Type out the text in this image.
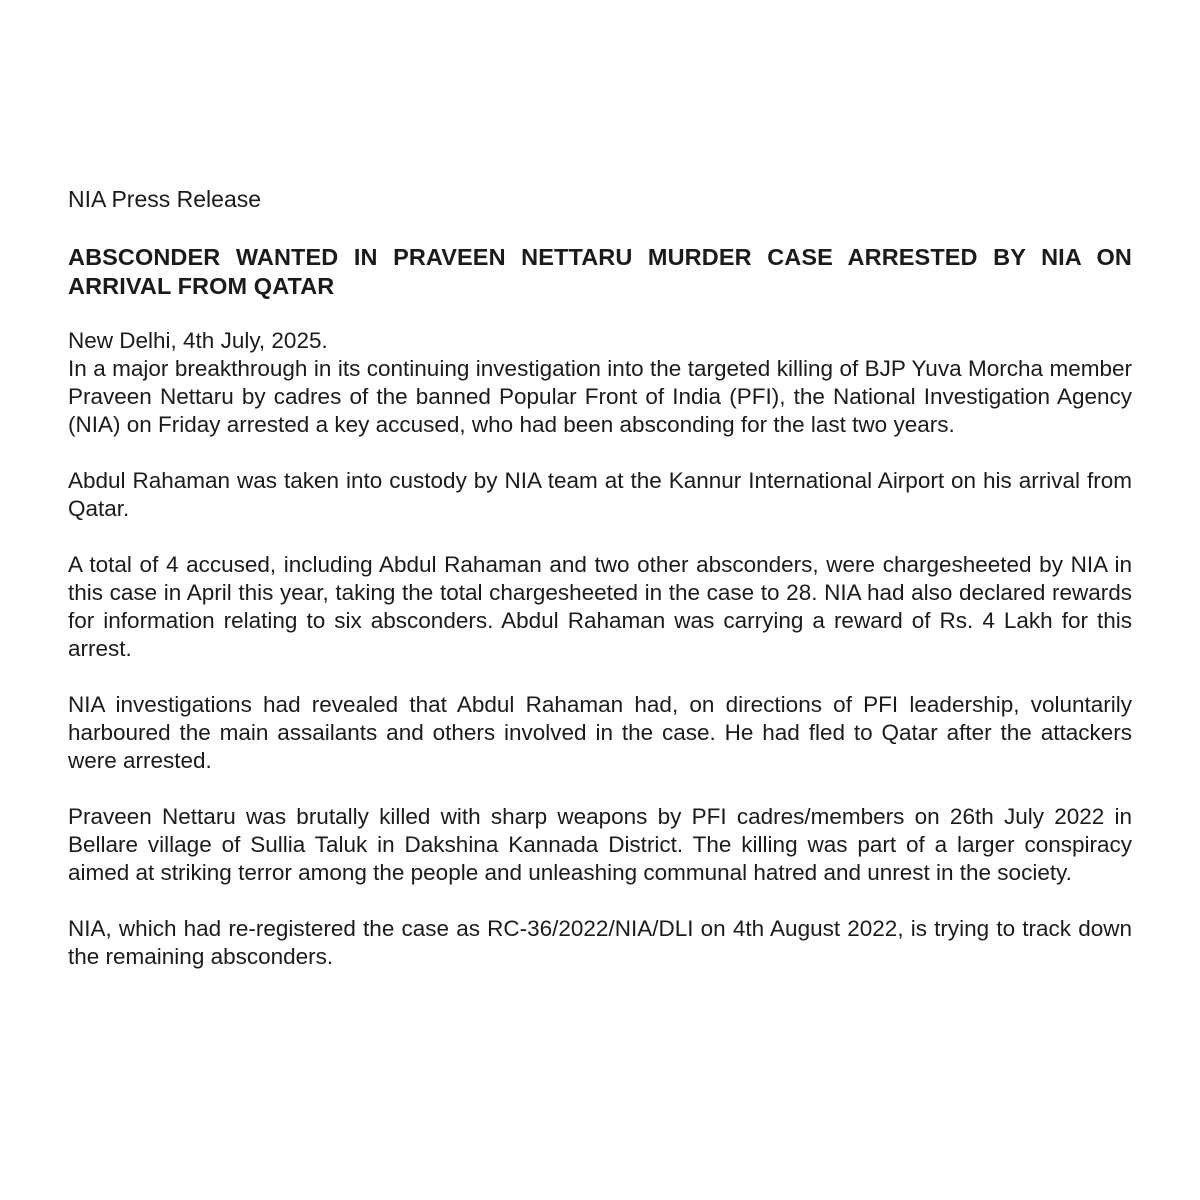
NIA Press Release

ABSCONDER WANTED IN PRAVEEN NETTARU MURDER CASE ARRESTED BY NIA ON ARRIVAL FROM QATAR

New Delhi, 4th July, 2025.

In a major breakthrough in its continuing investigation into the targeted killing of BJP Yuva Morcha member Praveen Nettaru by cadres of the banned Popular Front of India (PFI), the National Investigation Agency (NIA) on Friday arrested a key accused, who had been absconding for the last two years.

Abdul Rahaman was taken into custody by NIA team at the Kannur International Airport on his arrival from Qatar.

A total of 4 accused, including Abdul Rahaman and two other absconders, were chargesheeted by NIA in this case in April this year, taking the total chargesheeted in the case to 28. NIA had also declared rewards for information relating to six absconders. Abdul Rahaman was carrying a reward of Rs. 4 Lakh for this arrest.

NIA investigations had revealed that Abdul Rahaman had, on directions of PFI leadership, voluntarily harboured the main assailants and others involved in the case. He had fled to Qatar after the attackers were arrested.

Praveen Nettaru was brutally killed with sharp weapons by PFI cadres/members on 26th July 2022 in Bellare village of Sullia Taluk in Dakshina Kannada District. The killing was part of a larger conspiracy aimed at striking terror among the people and unleashing communal hatred and unrest in the society.

NIA, which had re-registered the case as RC-36/2022/NIA/DLI on 4th August 2022, is trying to track down the remaining absconders.
